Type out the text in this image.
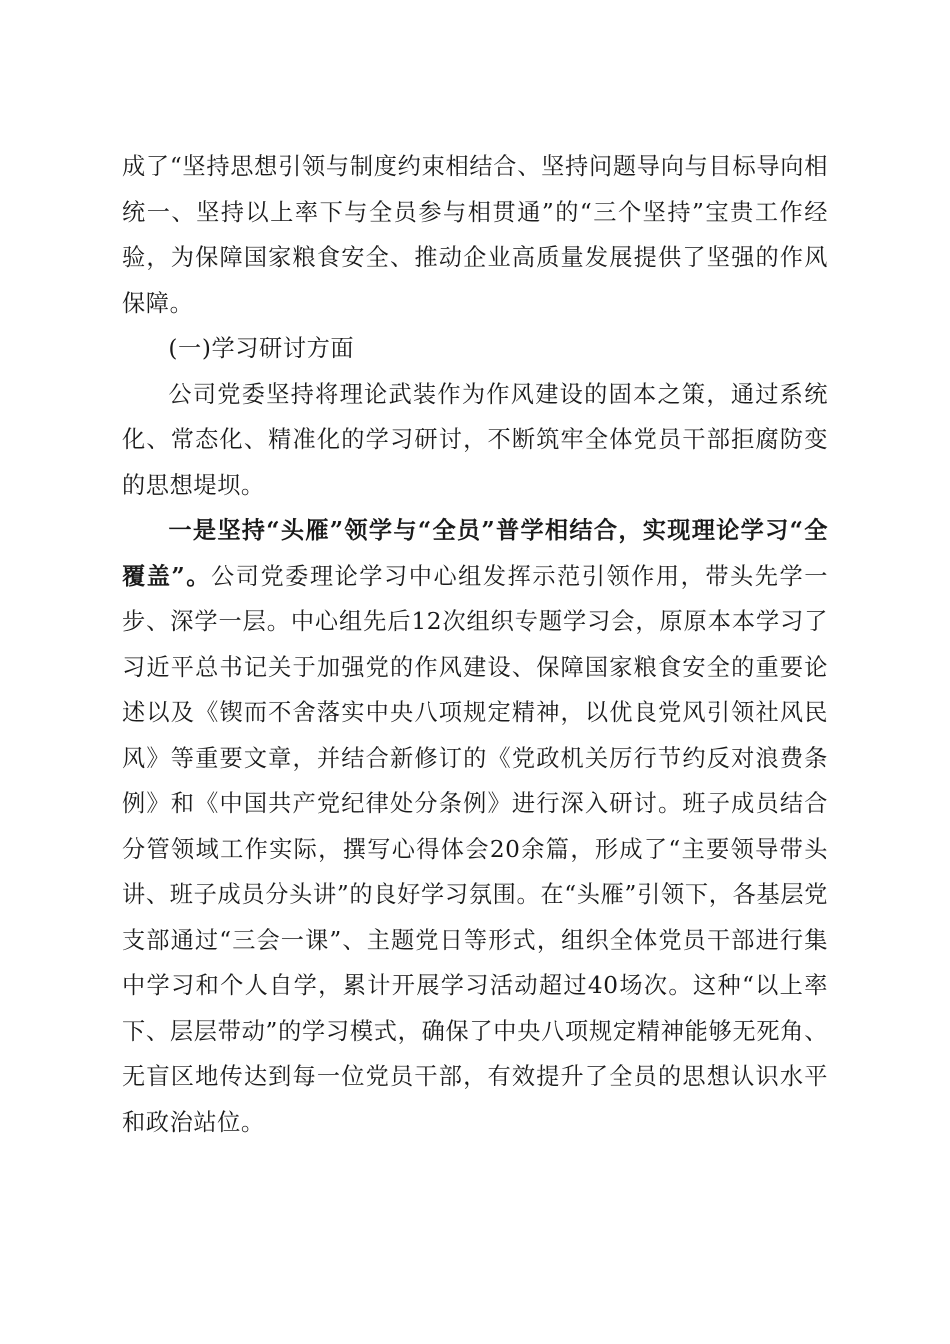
成了“坚持思想引领与制度约束相结合、坚持问题导向与目标导向相统一、坚持以上率下与全员参与相贯通”的“三个坚持”宝贵工作经验，为保障国家粮食安全、推动企业高质量发展提供了坚强的作风保障。

(一)学习研讨方面

公司党委坚持将理论武装作为作风建设的固本之策，通过系统化、常态化、精准化的学习研讨，不断筑牢全体党员干部拒腐防变的思想堤坝。

一是坚持“头雁”领学与“全员”普学相结合，实现理论学习“全覆盖”。公司党委理论学习中心组发挥示范引领作用，带头先学一步、深学一层。中心组先后12次组织专题学习会，原原本本学习了习近平总书记关于加强党的作风建设、保障国家粮食安全的重要论述以及《锲而不舍落实中央八项规定精神，以优良党风引领社风民风》等重要文章，并结合新修订的《党政机关厉行节约反对浪费条例》和《中国共产党纪律处分条例》进行深入研讨。班子成员结合分管领域工作实际，撰写心得体会20余篇，形成了“主要领导带头讲、班子成员分头讲”的良好学习氛围。在“头雁”引领下，各基层党支部通过“三会一课”、主题党日等形式，组织全体党员干部进行集中学习和个人自学，累计开展学习活动超过40场次。这种“以上率下、层层带动”的学习模式，确保了中央八项规定精神能够无死角、无盲区地传达到每一位党员干部，有效提升了全员的思想认识水平和政治站位。
